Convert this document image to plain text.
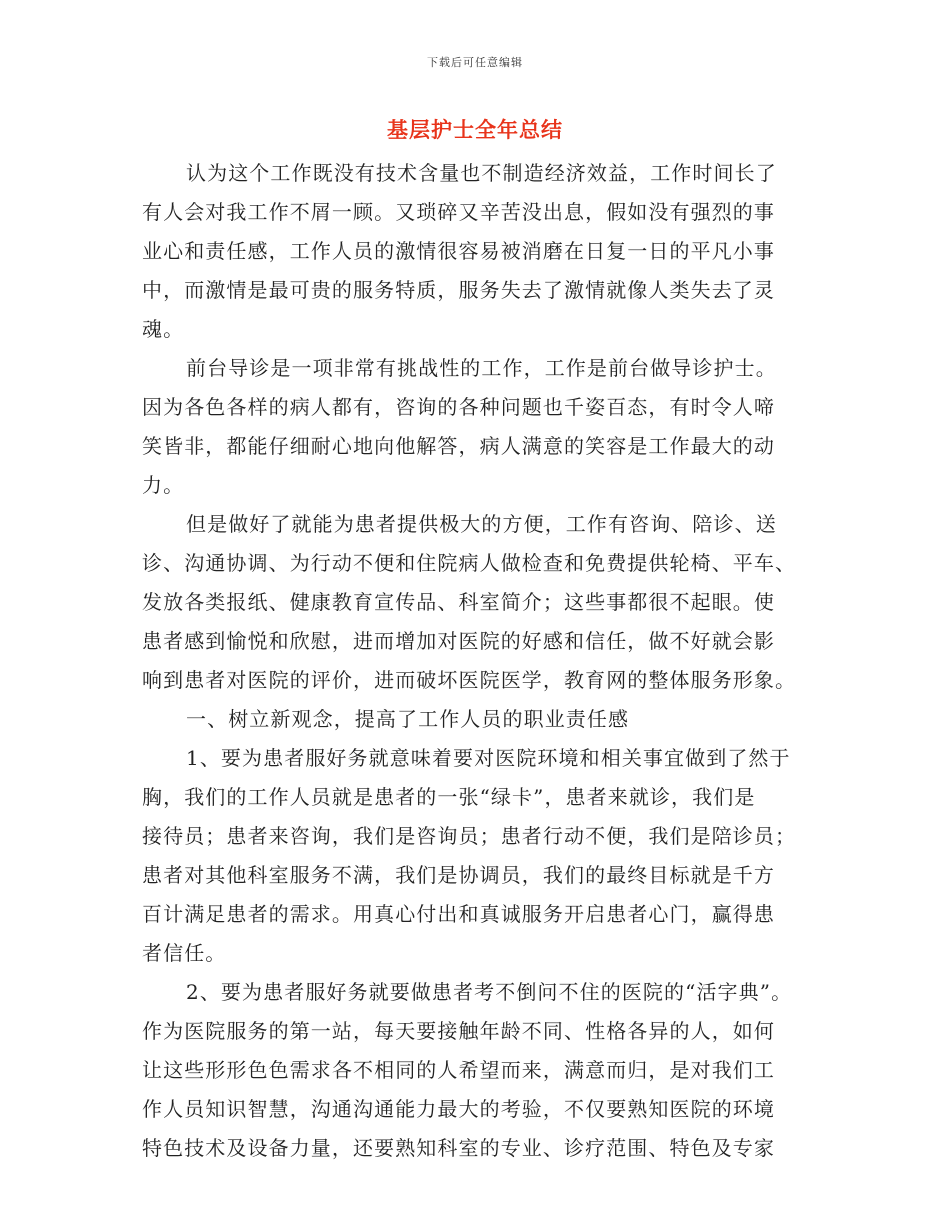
下载后可任意编辑
基层护士全年总结
认为这个工作既没有技术含量也不制造经济效益，工作时间长了
有人会对我工作不屑一顾。又琐碎又辛苦没出息，假如没有强烈的事
业心和责任感，工作人员的激情很容易被消磨在日复一日的平凡小事
中，而激情是最可贵的服务特质，服务失去了激情就像人类失去了灵
魂。
前台导诊是一项非常有挑战性的工作，工作是前台做导诊护士。
因为各色各样的病人都有，咨询的各种问题也千姿百态，有时令人啼
笑皆非，都能仔细耐心地向他解答，病人满意的笑容是工作最大的动
力。
但是做好了就能为患者提供极大的方便，工作有咨询、陪诊、送
诊、沟通协调、为行动不便和住院病人做检查和免费提供轮椅、平车、
发放各类报纸、健康教育宣传品、科室简介；这些事都很不起眼。使
患者感到愉悦和欣慰，进而增加对医院的好感和信任，做不好就会影
响到患者对医院的评价，进而破坏医院医学，教育网的整体服务形象。
一、树立新观念，提高了工作人员的职业责任感
1、要为患者服好务就意味着要对医院环境和相关事宜做到了然于
胸，我们的工作人员就是患者的一张“绿卡”，患者来就诊，我们是
接待员；患者来咨询，我们是咨询员；患者行动不便，我们是陪诊员；
患者对其他科室服务不满，我们是协调员，我们的最终目标就是千方
百计满足患者的需求。用真心付出和真诚服务开启患者心门，赢得患
者信任。
2、要为患者服好务就要做患者考不倒问不住的医院的“活字典”。
作为医院服务的第一站，每天要接触年龄不同、性格各异的人，如何
让这些形形色色需求各不相同的人希望而来，满意而归，是对我们工
作人员知识智慧，沟通沟通能力最大的考验，不仅要熟知医院的环境
特色技术及设备力量，还要熟知科室的专业、诊疗范围、特色及专家
